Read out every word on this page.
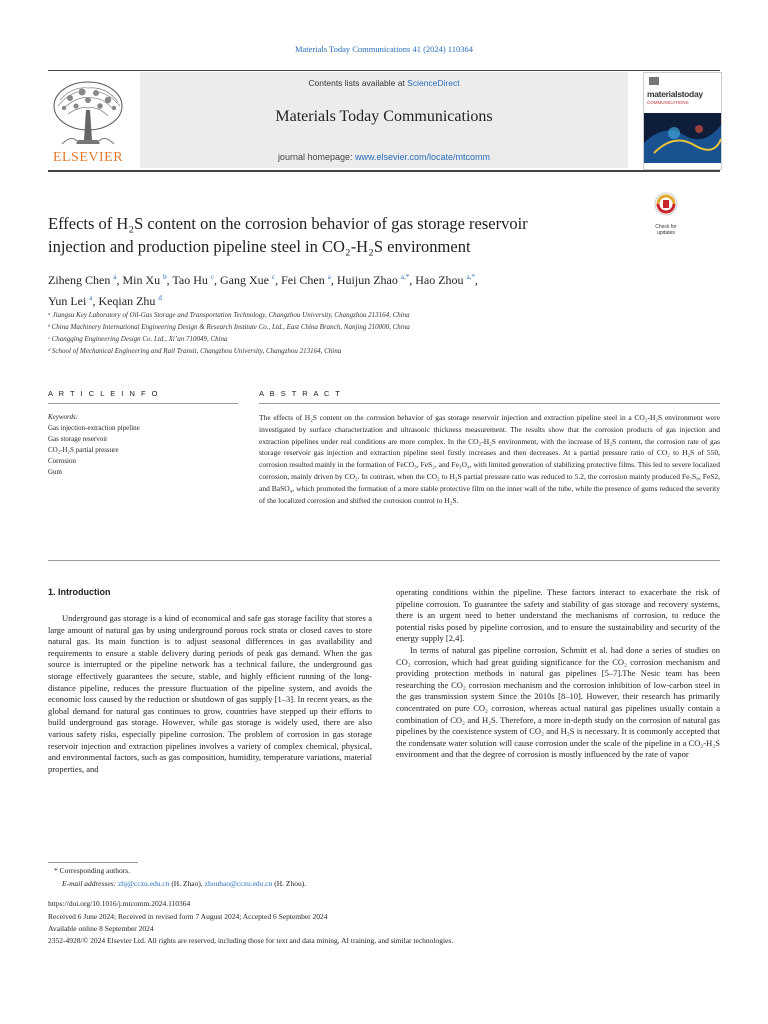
Materials Today Communications 41 (2024) 110364
ELSEVIER
Contents lists available at ScienceDirect
Materials Today Communications
journal homepage: www.elsevier.com/locate/mtcomm
materialstoday
COMMUNICATIONS
Check for updates
Effects of H₂S content on the corrosion behavior of gas storage reservoir
injection and production pipeline steel in CO₂-H₂S environment
Ziheng Chen $^a$, Min Xu $^b$, Tao Hu $^c$, Gang Xue $^c$, Fei Chen $^a$, Huijun Zhao $^{a,*}$, Hao Zhou $^{a,*}$,
Yun Lei $^a$, Keqian Zhu $^d$
ᵃ Jiangsu Key Laboratory of Oil-Gas Storage and Transportation Technology, Changzhou University, Changzhou 213164, China
ᵇ China Machinery International Engineering Design & Research Institute Co., Ltd., East China Branch, Nanjing 210000, China
ᶜ Changqing Engineering Design Co. Ltd., Xi’an 710049, China
ᵈ School of Mechanical Engineering and Rail Transit, Changzhou University, Changzhou 213164, China
A R T I C L E I N F O	A B S T R A C T
Keywords:
Gas injection-extraction pipeline
Gas storage reservoir
CO₂-H₂S partial pressure
Corrosion
Gum
The effects of H₂S content on the corrosion behavior of gas storage reservoir injection and extraction pipeline steel in a CO₂-H₂S environment were investigated by surface characterization and ultrasonic thickness measurement. The results show that the corrosion products of gas injection and extraction pipelines under real conditions are more complex. In the CO₂-H₂S environment, with the increase of H₂S content, the corrosion rate of gas storage reservoir gas injection and extraction pipeline steel firstly increases and then decreases. At a partial pressure ratio of CO₂ to H₂S of 550, corrosion resulted mainly in the formation of FeCO₃, FeS₂, and Fe₃O₄, with limited generation of stabilizing protective films. This led to severe localized corrosion, mainly driven by CO₂. In contrast, when the CO₂ to H₂S partial pressure ratio was reduced to 5.2, the corrosion mainly produced Fe₇S₈, FeS2, and BaSO₄, which promoted the formation of a more stable protective film on the inner wall of the tube, while the presence of gums reduced the severity of the localized corrosion and shifted the corrosion control to H₂S.
1. Introduction

Underground gas storage is a kind of economical and safe gas storage facility that stores a large amount of natural gas by using underground porous rock strata or closed caves to store natural gas. Its main function is to adjust seasonal differences in gas availability and requirements to ensure a stable delivery during periods of peak gas demand. When the gas source is interrupted or the pipeline network has a technical failure, the underground gas storage effectively guarantees the secure, stable, and highly efficient running of the long-distance pipeline, reduces the pressure fluctuation of the pipeline system, and avoids the economic loss caused by the reduction or shutdown of gas supply [1–3]. In recent years, as the global demand for natural gas continues to grow, countries have stepped up their efforts to build underground gas storage. However, while gas storage is widely used, there are also various safety risks, especially pipeline corrosion. The problem of corrosion in gas storage reservoir injection and extraction pipelines involves a variety of complex chemical, physical, and environmental factors, such as gas composition, humidity, temperature variations, material properties, and

operating conditions within the pipeline. These factors interact to exacerbate the risk of pipeline corrosion. To guarantee the safety and stability of gas storage and recovery systems, there is an urgent need to better understand the mechanisms of corrosion, to reduce the potential risks posed by pipeline corrosion, and to ensure the sustainability and security of the energy supply [2,4].

In terms of natural gas pipeline corrosion, Schmitt et al. had done a series of studies on CO₂ corrosion, which had great guiding significance for the CO₂ corrosion mechanism and providing protection methods in natural gas pipelines [5–7].The Nesic team has been researching the CO₂ corrosion mechanism and the corrosion inhibition of low-carbon steel in the gas transmission system Since the 2010s [8–10]. However, their research has primarily concentrated on pure CO₂ corrosion, whereas actual natural gas pipelines usually contain a combination of CO₂ and H₂S. Therefore, a more in-depth study on the corrosion of natural gas pipelines by the coexistence system of CO₂ and H₂S is necessary. It is commonly accepted that the condensate water solution will cause corrosion under the scale of the pipeline in a CO₂-H₂S environment and that the degree of corrosion is mostly influenced by the rate of vapor

* Corresponding authors.
E-mail addresses: zhj@cczu.edu.cn (H. Zhao), zhouhao@cczu.edu.cn (H. Zhou).
https://doi.org/10.1016/j.mtcomm.2024.110364
Received 6 June 2024; Received in revised form 7 August 2024; Accepted 6 September 2024
Available online 8 September 2024
2352-4928/© 2024 Elsevier Ltd. All rights are reserved, including those for text and data mining, AI training, and similar technologies.
